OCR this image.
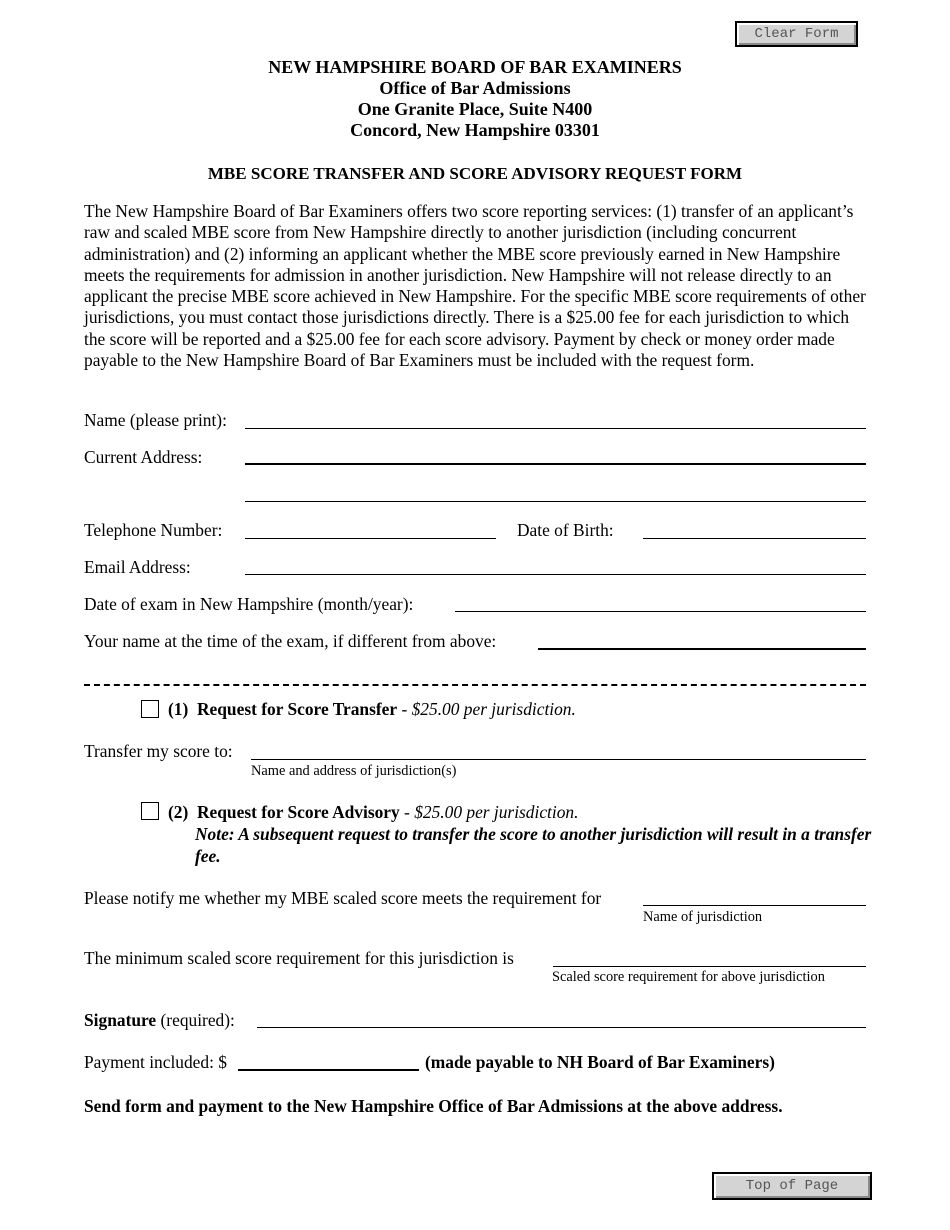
Clear Form
Top of Page
NEW HAMPSHIRE BOARD OF BAR EXAMINERS
Office of Bar Admissions
One Granite Place, Suite N400
Concord, New Hampshire 03301
MBE SCORE TRANSFER AND SCORE ADVISORY REQUEST FORM

The New Hampshire Board of Bar Examiners offers two score reporting services: (1) transfer of an applicant’s raw and scaled MBE score from New Hampshire directly to another jurisdiction (including concurrent administration) and (2) informing an applicant whether the MBE score previously earned in New Hampshire meets the requirements for admission in another jurisdiction. New Hampshire will not release directly to an applicant the precise MBE score achieved in New Hampshire. For the specific MBE score requirements of other jurisdictions, you must contact those jurisdictions directly. There is a $25.00 fee for each jurisdiction to which the score will be reported and a $25.00 fee for each score advisory. Payment by check or money order made payable to the New Hampshire Board of Bar Examiners must be included with the request form.

Name (please print):
Current Address:
Telephone Number:	Date of Birth:
Email Address:
Date of exam in New Hampshire (month/year):
Your name at the time of the exam, if different from above:
(1) Request for Score Transfer - $25.00 per jurisdiction.
Transfer my score to:
Name and address of jurisdiction(s)
(2) Request for Score Advisory - $25.00 per jurisdiction.
Note: A subsequent request to transfer the score to another jurisdiction will result in a transfer fee.
Please notify me whether my MBE scaled score meets the requirement for
Name of jurisdiction
The minimum scaled score requirement for this jurisdiction is
Scaled score requirement for above jurisdiction
Signature (required):
Payment included: $	(made payable to NH Board of Bar Examiners)
Send form and payment to the New Hampshire Office of Bar Admissions at the above address.
